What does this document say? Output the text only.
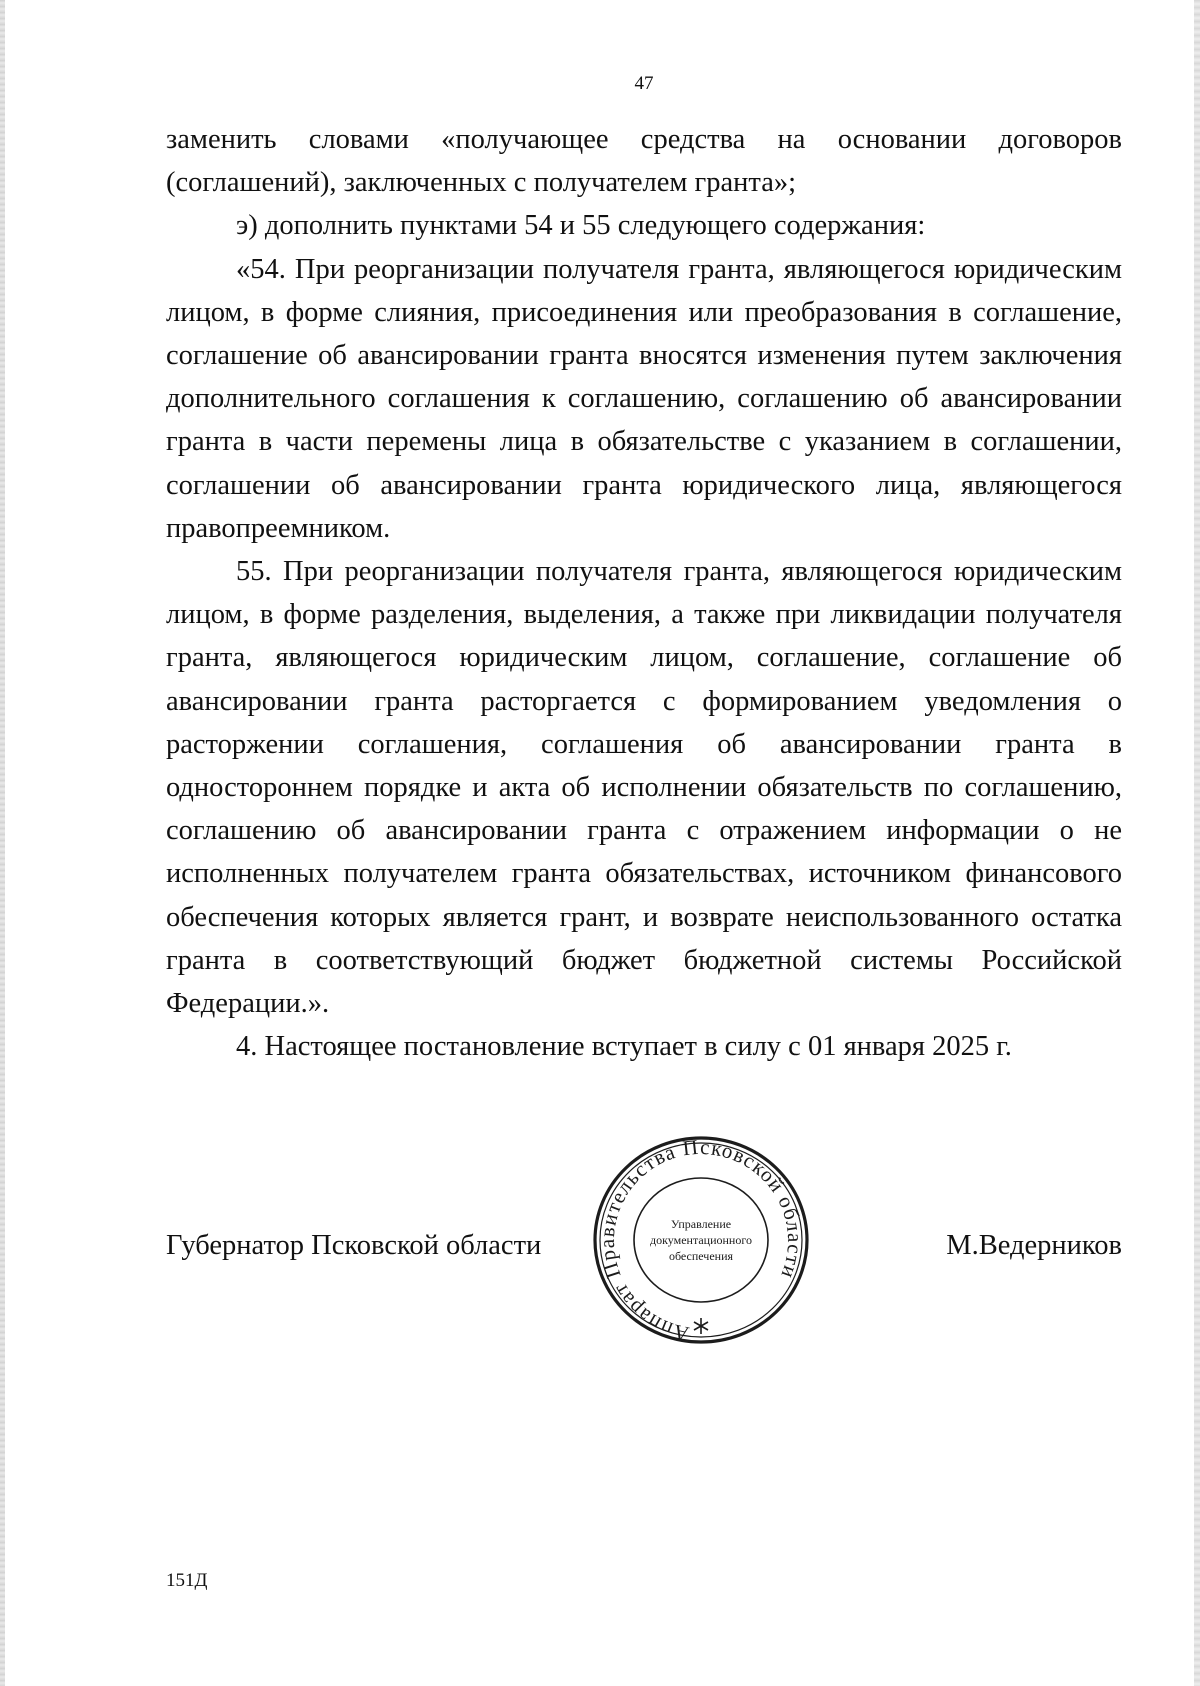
47

заменить словами «получающее средства на основании договоров (соглашений), заключенных с получателем гранта»;

э) дополнить пунктами 54 и 55 следующего содержания:

«54. При реорганизации получателя гранта, являющегося юридическим лицом, в форме слияния, присоединения или преобразования в соглашение, соглашение об авансировании гранта вносятся изменения путем заключения дополнительного соглашения к соглашению, соглашению об авансировании гранта в части перемены лица в обязательстве с указанием в соглашении, соглашении об авансировании гранта юридического лица, являющегося правопреемником.

55. При реорганизации получателя гранта, являющегося юридическим лицом, в форме разделения, выделения, а также при ликвидации получателя гранта, являющегося юридическим лицом, соглашение, соглашение об авансировании гранта расторгается с формированием уведомления о расторжении соглашения, соглашения об авансировании гранта в одностороннем порядке и акта об исполнении обязательств по соглашению, соглашению об авансировании гранта с отражением информации о не исполненных получателем гранта обязательствах, источником финансового обеспечения которых является грант, и возврате неиспользованного остатка гранта в соответствующий бюджет бюджетной системы Российской Федерации.».

4. Настоящее постановление вступает в силу с 01 января 2025 г.

Губернатор Псковской области	М.Ведерников
Аппарат Правительства Псковской области
Управление
документационного
обеспечения
151Д
